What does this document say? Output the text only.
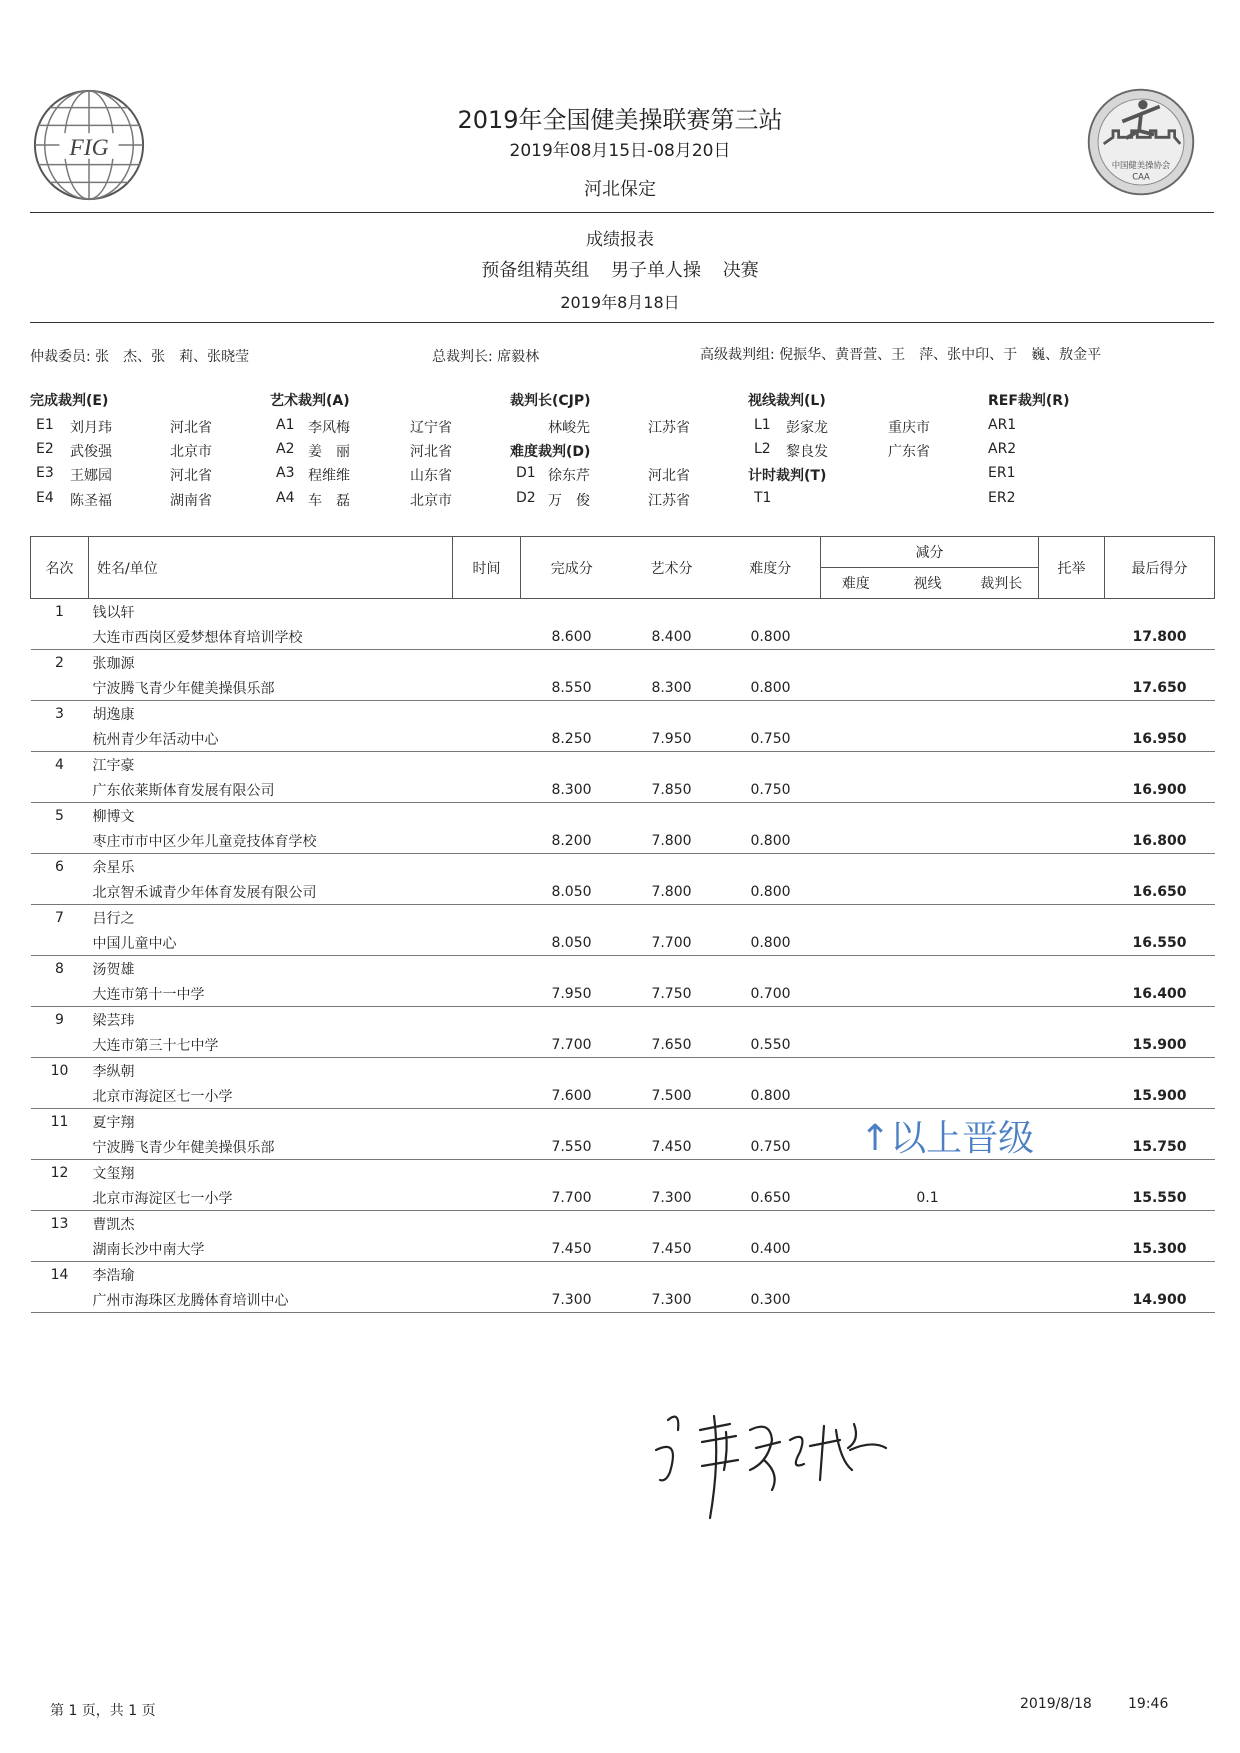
FIG
中国健美操协会
CAA
2019年全国健美操联赛第三站
2019年08月15日-08月20日
河北保定
成绩报表
预备组精英组 男子单人操 决赛
2019年8月18日
仲裁委员: 张　杰、张　莉、张晓莹	总裁判长: 席毅林	高级裁判组: 倪振华、黄晋萱、王　萍、张中印、于　巍、敖金平
完成裁判(E)
E1 刘月玮	河北省
E2 武俊强	北京市
E3 王娜园	河北省
E4 陈圣福	湖南省
艺术裁判(A)
A1 李风梅	辽宁省
A2 姜　丽	河北省
A3 程维维	山东省
A4 车　磊	北京市
裁判长(CJP)
林峻先	江苏省
难度裁判(D)
D1 徐东芹	河北省
D2 万　俊	江苏省
视线裁判(L)
L1 彭家龙	重庆市
L2 黎良发	广东省
计时裁判(T)
T1
REF裁判(R)
AR1
AR2
ER1
ER2
名次	姓名/单位	时间	完成分	艺术分	难度分	减分			托举	最后得分
						难度	视线	裁判长		
1	钱以轩									
	大连市西岗区爱梦想体育培训学校		8.600	8.400	0.800					17.800
2	张珈源									
	宁波腾飞青少年健美操俱乐部		8.550	8.300	0.800					17.650
3	胡逸康									
	杭州青少年活动中心		8.250	7.950	0.750					16.950
4	江宇豪									
	广东依莱斯体育发展有限公司		8.300	7.850	0.750					16.900
5	柳博文									
	枣庄市市中区少年儿童竞技体育学校		8.200	7.800	0.800					16.800
6	余星乐									
	北京智禾诚青少年体育发展有限公司		8.050	7.800	0.800					16.650
7	吕行之									
	中国儿童中心		8.050	7.700	0.800					16.550
8	汤贺雄									
	大连市第十一中学		7.950	7.750	0.700					16.400
9	梁芸玮									
	大连市第三十七中学		7.700	7.650	0.550					15.900
10	李纵朝									
	北京市海淀区七一小学		7.600	7.500	0.800					15.900
11	夏宇翔									
	宁波腾飞青少年健美操俱乐部		7.550	7.450	0.750					15.750
12	文玺翔									
	北京市海淀区七一小学		7.700	7.300	0.650		0.1			15.550
13	曹凯杰									
	湖南长沙中南大学		7.450	7.450	0.400					15.300
14	李浩瑜									
	广州市海珠区龙腾体育培训中心		7.300	7.300	0.300					14.900
↑以上晋级
第 1 页，共 1 页	2019/8/18	19:46
